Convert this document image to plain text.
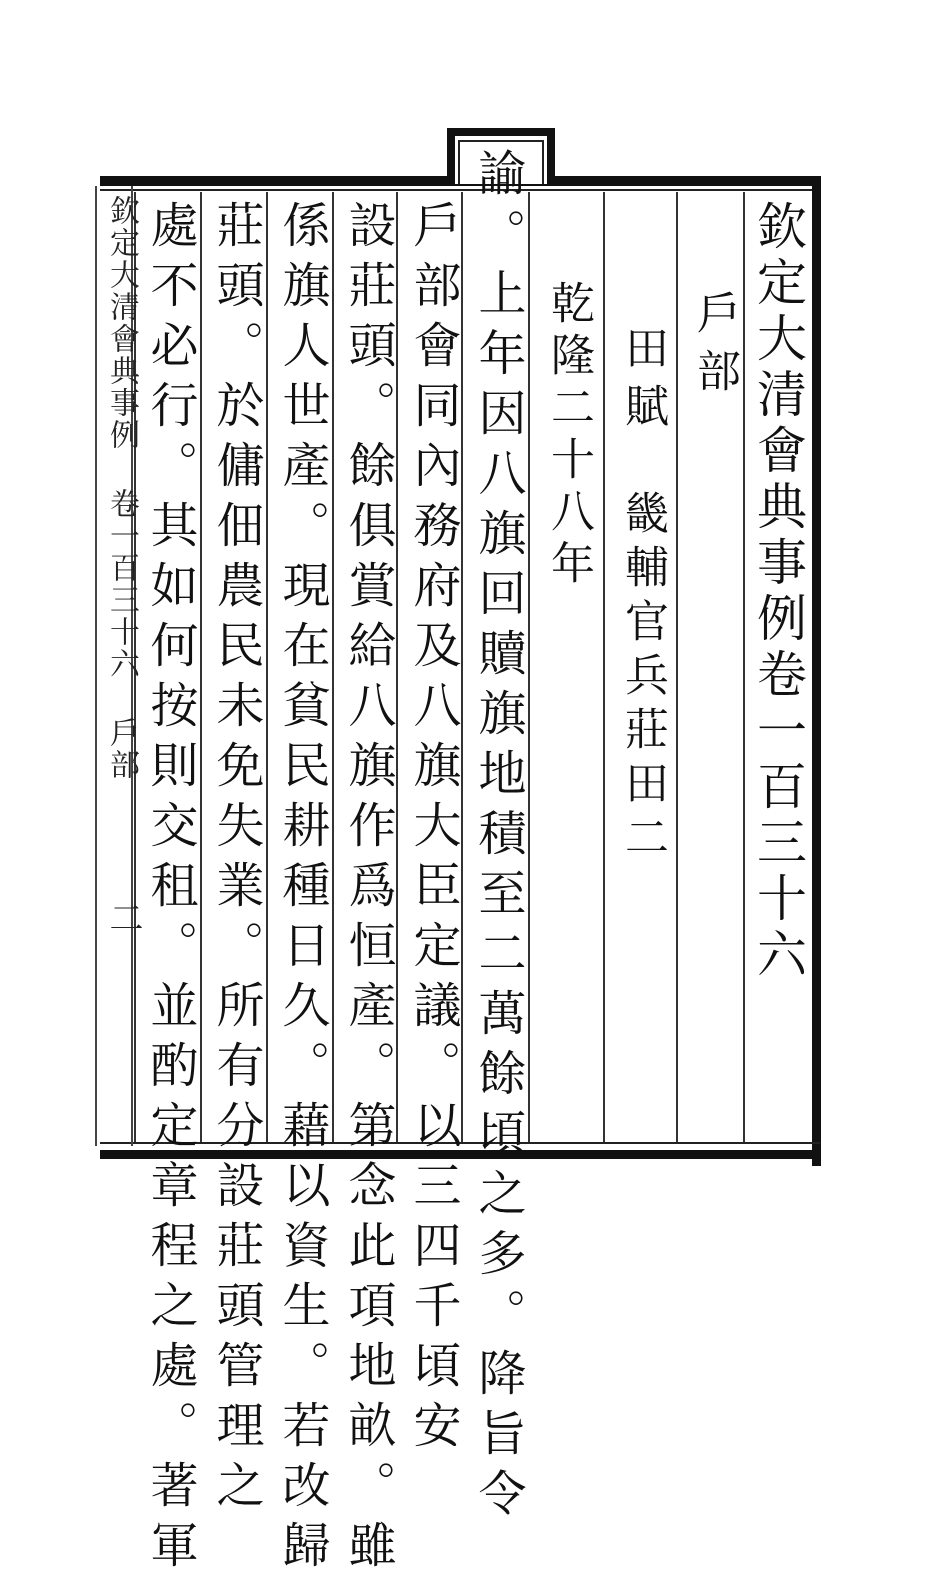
欽定大清會典事例卷一百三十六
戶部
田賦
畿輔官兵莊田二
乾隆二十八年
諭。上年因八旗回贖旗地積至二萬餘頃之多。降旨令
戶部會同內務府及八旗大臣定議。以三四千頃安
設莊頭。餘俱賞給八旗作爲恒產。第念此項地畝。雖
係旗人世產。現在貧民耕種日久。藉以資生。若改歸
莊頭。於傭佃農民未免失業。所有分設莊頭管理之
處不必行。其如何按則交租。並酌定章程之處。著軍
欽定大清會典事例 卷一百三十六 戶部
二
